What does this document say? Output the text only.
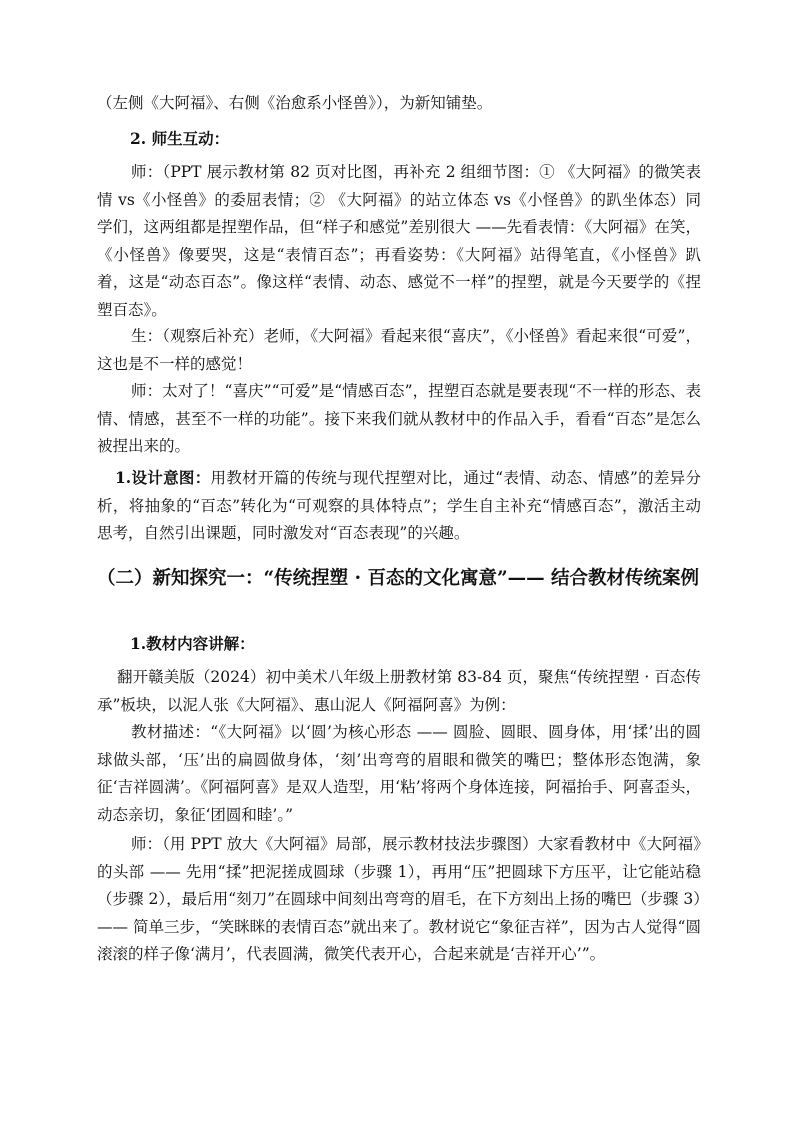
（左侧《大阿福》、右侧《治愈系小怪兽》），为新知铺垫。

2. 师生互动：

师：（PPT 展示教材第 82 页对比图，再补充 2 组细节图：① 《大阿福》的微笑表情 vs《小怪兽》的委屈表情；② 《大阿福》的站立体态 vs《小怪兽》的趴坐体态）同学们，这两组都是捏塑作品，但“样子和感觉”差别很大 ——先看表情：《大阿福》在笑，《小怪兽》像要哭，这是“表情百态”；再看姿势：《大阿福》站得笔直，《小怪兽》趴着，这是“动态百态”。像这样“表情、动态、感觉不一样”的捏塑，就是今天要学的《捏塑百态》。

生：（观察后补充）老师，《大阿福》看起来很“喜庆”，《小怪兽》看起来很“可爱”，这也是不一样的感觉！

师：太对了！“喜庆”“可爱”是“情感百态”，捏塑百态就是要表现“不一样的形态、表情、情感，甚至不一样的功能”。接下来我们就从教材中的作品入手，看看“百态”是怎么被捏出来的。

1.设计意图：用教材开篇的传统与现代捏塑对比，通过“表情、动态、情感”的差异分析，将抽象的“百态”转化为“可观察的具体特点”；学生自主补充“情感百态”，激活主动思考，自然引出课题，同时激发对“百态表现”的兴趣。

（二）新知探究一：“传统捏塑 · 百态的文化寓意”—— 结合教材传统案例

1.教材内容讲解：

翻开赣美版（2024）初中美术八年级上册教材第 83-84 页，聚焦“传统捏塑 · 百态传承”板块，以泥人张《大阿福》、惠山泥人《阿福阿喜》为例：

教材描述：“《大阿福》以‘圆’为核心形态 —— 圆脸、圆眼、圆身体，用‘揉’出的圆球做头部，‘压’出的扁圆做身体，‘刻’出弯弯的眉眼和微笑的嘴巴；整体形态饱满，象征‘吉祥圆满’。《阿福阿喜》是双人造型，用‘粘’将两个身体连接，阿福抬手、阿喜歪头，动态亲切，象征‘团圆和睦’。”

师：（用 PPT 放大《大阿福》局部，展示教材技法步骤图）大家看教材中《大阿福》的头部 —— 先用“揉”把泥搓成圆球（步骤 1），再用“压”把圆球下方压平，让它能站稳（步骤 2），最后用“刻刀”在圆球中间刻出弯弯的眉毛，在下方刻出上扬的嘴巴（步骤 3）—— 简单三步，“笑眯眯的表情百态”就出来了。教材说它“象征吉祥”，因为古人觉得“圆滚滚的样子像‘满月’，代表圆满，微笑代表开心，合起来就是‘吉祥开心’”。
